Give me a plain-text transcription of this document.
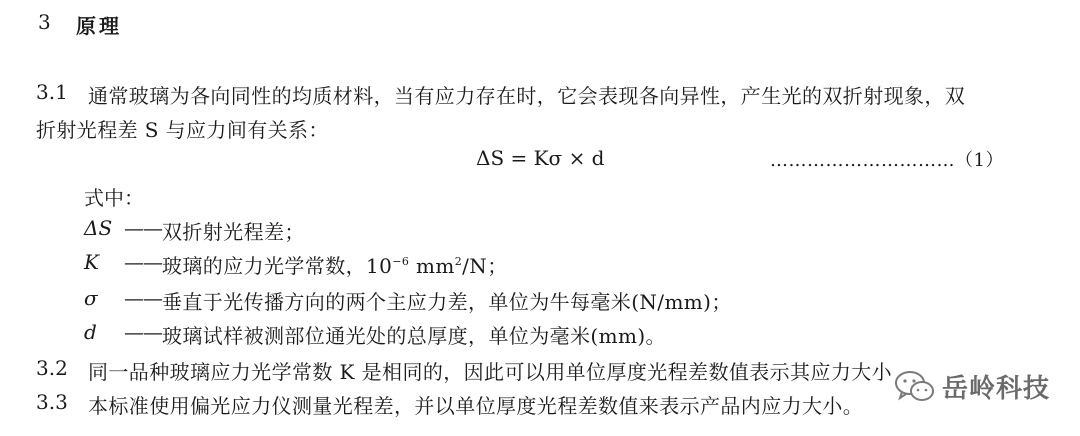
3 原理
3.1 通常玻璃为各向同性的均质材料，当有应力存在时，它会表现各向异性，产生光的双折射现象，双
折射光程差 S 与应力间有关系：
ΔS = Kσ × d	…………………………（1）
式中：
ΔS —— 双折射光程差；
K —— 玻璃的应力光学常数，$10^{-6}$ $mm^2/N$；
σ —— 垂直于光传播方向的两个主应力差，单位为牛每毫米(N/mm)；
d —— 玻璃试样被测部位通光处的总厚度，单位为毫米(mm)。
3.2 同一品种玻璃应力光学常数 K 是相同的，因此可以用单位厚度光程差数值表示其应力大小
3.3 本标准使用偏光应力仪测量光程差，并以单位厚度光程差数值来表示产品内应力大小。
岳岭科技
